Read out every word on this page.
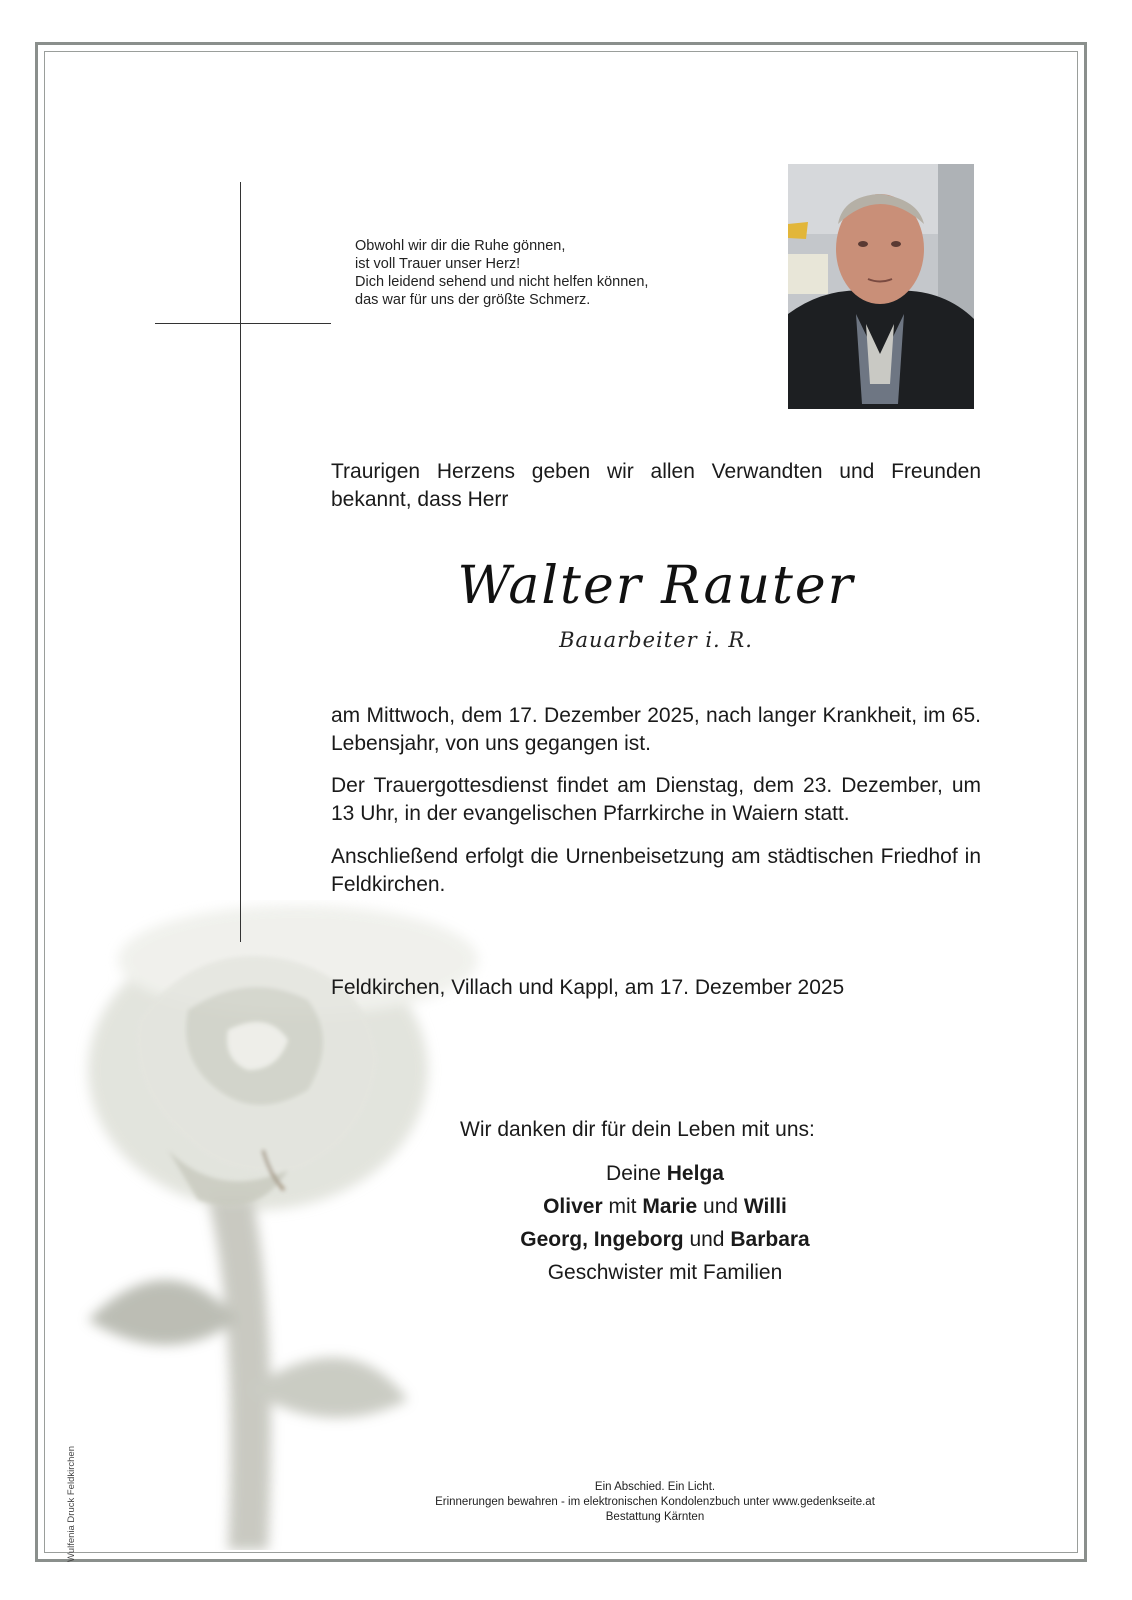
Obwohl wir dir die Ruhe gönnen,
ist voll Trauer unser Herz!
Dich leidend sehend und nicht helfen können,
das war für uns der größte Schmerz.
Traurigen Herzens geben wir allen Verwandten und Freunden bekannt, dass Herr
Walter Rauter
Bauarbeiter i. R.
am Mittwoch, dem 17. Dezember 2025, nach langer Krankheit, im 65. Lebensjahr, von uns gegangen ist.
Der Trauergottesdienst findet am Dienstag, dem 23. Dezember, um 13 Uhr, in der evangelischen Pfarrkirche in Waiern statt.
Anschließend erfolgt die Urnenbeisetzung am städtischen Friedhof in Feldkirchen.
Feldkirchen, Villach und Kappl, am 17. Dezember 2025
Wir danken dir für dein Leben mit uns:
Deine Helga
Oliver mit Marie und Willi
Georg, Ingeborg und Barbara
Geschwister mit Familien
Ein Abschied. Ein Licht.
Erinnerungen bewahren - im elektronischen Kondolenzbuch unter www.gedenkseite.at
Bestattung Kärnten
Wulfenia Druck Feldkirchen
